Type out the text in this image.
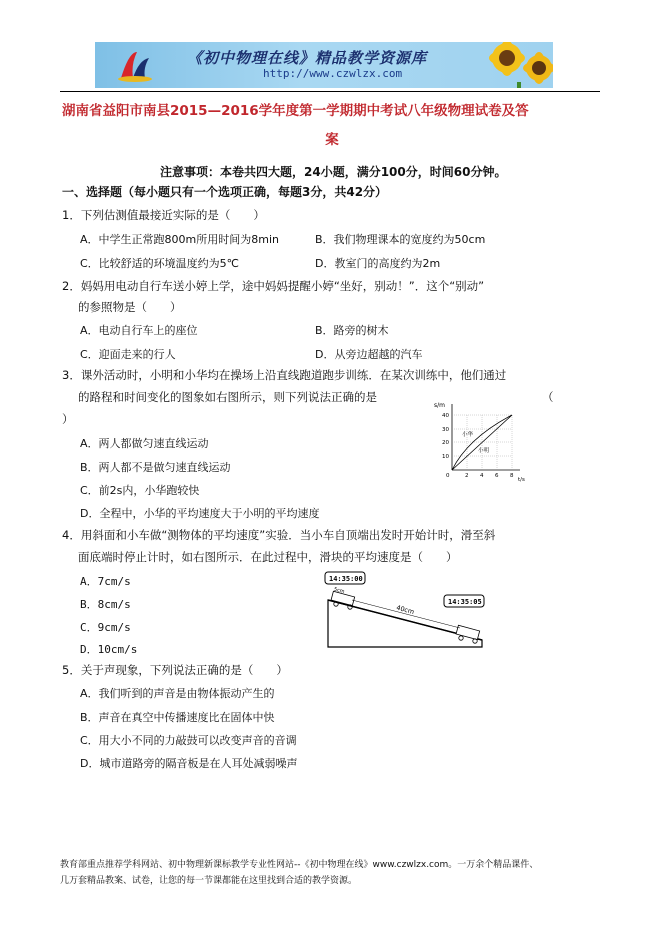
《初中物理在线》精品教学资源库
http://www.czwlzx.com
湖南省益阳市南县2015—2016学年度第一学期期中考试八年级物理试卷及答
案
注意事项：本卷共四大题，24小题，满分100分，时间60分钟。
一、选择题（每小题只有一个选项正确，每题3分，共42分）
1．下列估测值最接近实际的是（　　）
A．中学生正常跑800m所用时间为8min	B．我们物理课本的宽度约为50cm
C．比较舒适的环境温度约为5℃	D．教室门的高度约为2m
2．妈妈用电动自行车送小婷上学，途中妈妈提醒小婷“坐好，别动！”．这个“别动”
的参照物是（　　）
A．电动自行车上的座位	B．路旁的树木
C．迎面走来的行人	D．从旁边超越的汽车
3．课外活动时，小明和小华均在操场上沿直线跑道跑步训练．在某次训练中，他们通过
的路程和时间变化的图象如右图所示，则下列说法正确的是	（
）
A．两人都做匀速直线运动
B．两人都不是做匀速直线运动
C．前2s内，小华跑较快
D．全程中，小华的平均速度大于小明的平均速度
s/m
40
30
20
10
0	2 4 6 8
t/s
小华
小明
4．用斜面和小车做“测物体的平均速度”实验．当小车自顶端出发时开始计时，滑至斜
面底端时停止计时，如右图所示．在此过程中，滑块的平均速度是（　　）
A．7cm/s
B．8cm/s
C．9cm/s
D．10cm/s
14:35:00
14:35:05
5cm
40cm
5．关于声现象，下列说法正确的是（　　）
A．我们听到的声音是由物体振动产生的
B．声音在真空中传播速度比在固体中快
C．用大小不同的力敲鼓可以改变声音的音调
D．城市道路旁的隔音板是在人耳处减弱噪声
教育部重点推荐学科网站、初中物理新课标教学专业性网站--《初中物理在线》www.czwlzx.com。一万余个精品课件、
几万套精品教案、试卷，让您的每一节课都能在这里找到合适的教学资源。
